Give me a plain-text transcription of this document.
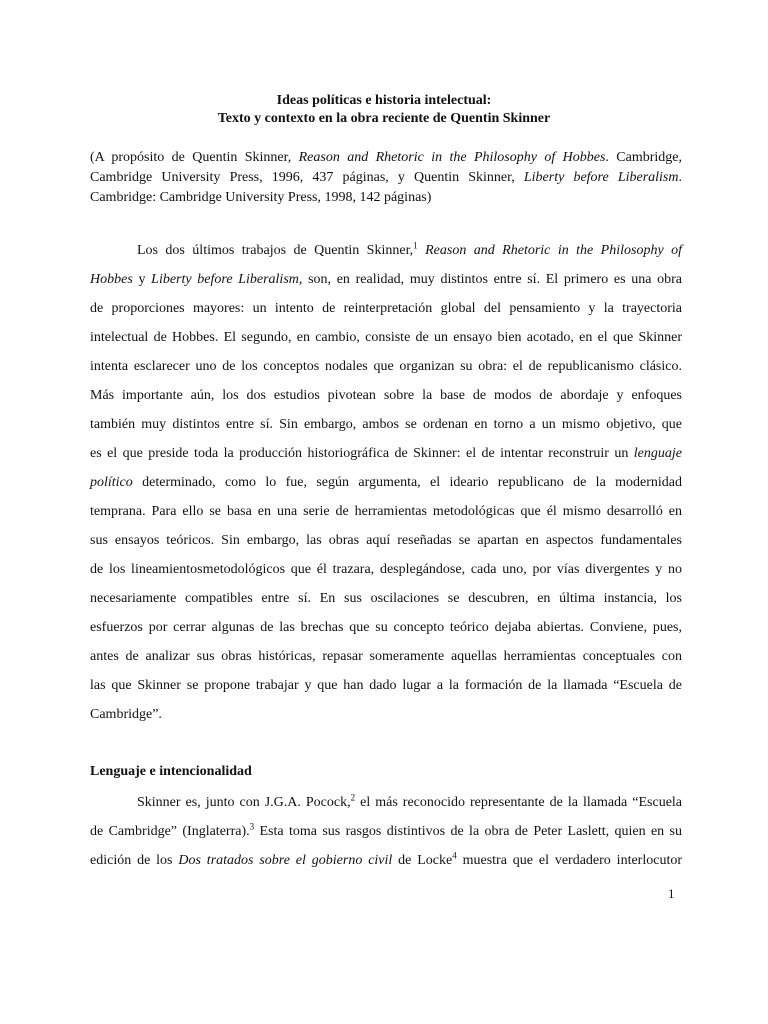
Ideas políticas e historia intelectual:
Texto y contexto en la obra reciente de Quentin Skinner
(A propósito de Quentin Skinner, Reason and Rhetoric in the Philosophy of Hobbes. Cambridge,
Cambridge University Press, 1996, 437 páginas, y Quentin Skinner, Liberty before Liberalism.
Cambridge: Cambridge University Press, 1998, 142 páginas)
Los dos últimos trabajos de Quentin Skinner,$^1$ Reason and Rhetoric in the Philosophy of
Hobbes y Liberty before Liberalism, son, en realidad, muy distintos entre sí. El primero es una obra
de proporciones mayores: un intento de reinterpretación global del pensamiento y la trayectoria
intelectual de Hobbes. El segundo, en cambio, consiste de un ensayo bien acotado, en el que Skinner
intenta esclarecer uno de los conceptos nodales que organizan su obra: el de republicanismo clásico.
Más importante aún, los dos estudios pivotean sobre la base de modos de abordaje y enfoques
también muy distintos entre sí. Sin embargo, ambos se ordenan en torno a un mismo objetivo, que
es el que preside toda la producción historiográfica de Skinner: el de intentar reconstruir un lenguaje
político determinado, como lo fue, según argumenta, el ideario republicano de la modernidad
temprana. Para ello se basa en una serie de herramientas metodológicas que él mismo desarrolló en
sus ensayos teóricos. Sin embargo, las obras aquí reseñadas se apartan en aspectos fundamentales
de los lineamientosmetodológicos que él trazara, desplegándose, cada uno, por vías divergentes y no
necesariamente compatibles entre sí. En sus oscilaciones se descubren, en última instancia, los
esfuerzos por cerrar algunas de las brechas que su concepto teórico dejaba abiertas. Conviene, pues,
antes de analizar sus obras históricas, repasar someramente aquellas herramientas conceptuales con
las que Skinner se propone trabajar y que han dado lugar a la formación de la llamada “Escuela de
Cambridge”.
Lenguaje e intencionalidad
Skinner es, junto con J.G.A. Pocock,$^2$ el más reconocido representante de la llamada “Escuela
de Cambridge” (Inglaterra).$^3$ Esta toma sus rasgos distintivos de la obra de Peter Laslett, quien en su
edición de los Dos tratados sobre el gobierno civil de Locke$^4$ muestra que el verdadero interlocutor
1
